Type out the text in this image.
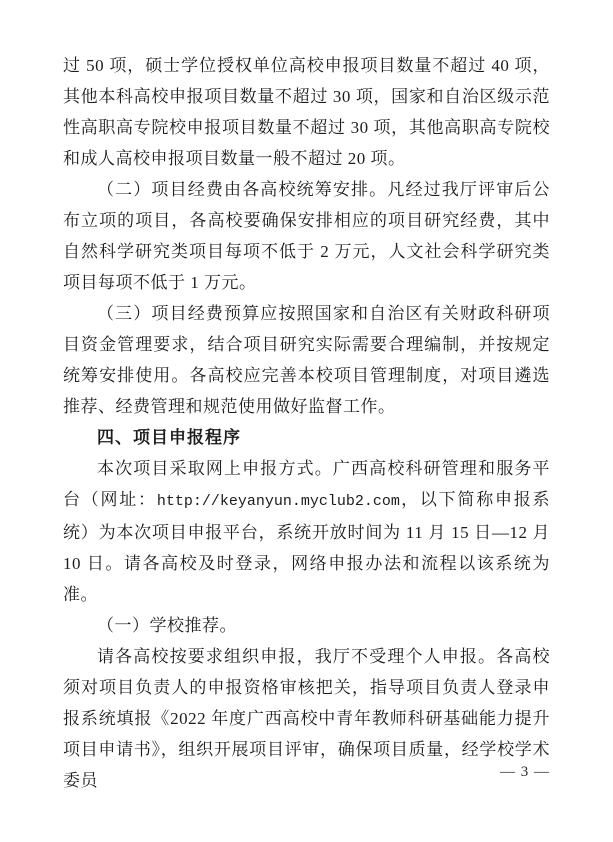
过 50 项，硕士学位授权单位高校申报项目数量不超过 40 项，其他本科高校申报项目数量不超过 30 项，国家和自治区级示范性高职高专院校申报项目数量不超过 30 项，其他高职高专院校和成人高校申报项目数量一般不超过 20 项。

（二）项目经费由各高校统筹安排。凡经过我厅评审后公布立项的项目，各高校要确保安排相应的项目研究经费，其中自然科学研究类项目每项不低于 2 万元，人文社会科学研究类项目每项不低于 1 万元。

（三）项目经费预算应按照国家和自治区有关财政科研项目资金管理要求，结合项目研究实际需要合理编制，并按规定统筹安排使用。各高校应完善本校项目管理制度，对项目遴选推荐、经费管理和规范使用做好监督工作。

四、项目申报程序

本次项目采取网上申报方式。广西高校科研管理和服务平台（网址：http://keyanyun.myclub2.com，以下简称申报系统）为本次项目申报平台，系统开放时间为 11 月 15 日—12 月 10 日。请各高校及时登录，网络申报办法和流程以该系统为准。

（一）学校推荐。

请各高校按要求组织申报，我厅不受理个人申报。各高校须对项目负责人的申报资格审核把关，指导项目负责人登录申报系统填报《2022 年度广西高校中青年教师科研基础能力提升项目申请书》，组织开展项目评审，确保项目质量，经学校学术委员	— 3 —
